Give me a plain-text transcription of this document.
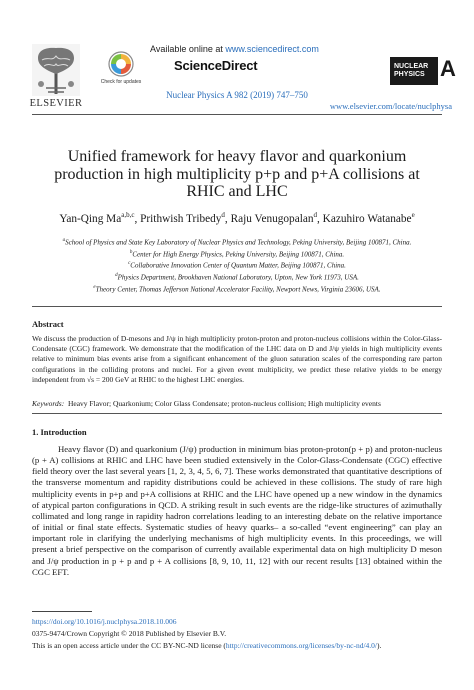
ELSEVIER
Check for updates
Available online at www.sciencedirect.com
ScienceDirect
Nuclear Physics A 982 (2019) 747–750
NUCLEAR
PHYSICS A
www.elsevier.com/locate/nuclphysa
Unified framework for heavy flavor and quarkonium
production in high multiplicity p+p and p+A collisions at
RHIC and LHC
Yan-Qing Ma$^{a,b,c}$, Prithwish Tribedy$^d$, Raju Venugopalan$^d$, Kazuhiro Watanabe$^e$
$^a$School of Physics and State Key Laboratory of Nuclear Physics and Technology, Peking University, Beijing 100871, China.
$^b$Center for High Energy Physics, Peking University, Beijing 100871, China.
$^c$Collaborative Innovation Center of Quantum Matter, Beijing 100871, China.
$^d$Physics Department, Brookhaven National Laboratory, Upton, New York 11973, USA.
$^e$Theory Center, Thomas Jefferson National Accelerator Facility, Newport News, Virginia 23606, USA.
Abstract
We discuss the production of D-mesons and J/ψ in high multiplicity proton-proton and proton-nucleus collisions within the Color-Glass-Condensate (CGC) framework. We demonstrate that the modification of the LHC data on D and J/ψ yields in high multiplicity events relative to minimum bias events arise from a significant enhancement of the gluon saturation scales of the corresponding rare parton configurations in the colliding protons and nuclei. For a given event multiplicity, we predict these relative yields to be energy independent from √s = 200 GeV at RHIC to the highest LHC energies.
Keywords: Heavy Flavor; Quarkonium; Color Glass Condensate; proton-nucleus collision; High multiplicity events
1. Introduction
Heavy flavor (D) and quarkonium (J/ψ) production in minimum bias proton-proton(p + p) and proton-nucleus (p + A) collisions at RHIC and LHC have been studied extensively in the Color-Glass-Condensate (CGC) effective field theory over the last several years [1, 2, 3, 4, 5, 6, 7]. These works demonstrated that quantitative descriptions of the transverse momentum and rapidity distributions could be achieved in these collisions. The study of rare high multiplicity events in p+p and p+A collisions at RHIC and the LHC have opened up a new window in the dynamics of atypical parton configurations in QCD. A striking result in such events are the ridge-like structures of azimuthally collimated and long range in rapidity hadron correlations leading to an interesting debate on the relative importance of initial or final state effects. Systematic studies of heavy quarks– a so-called “event engineering” can play an important role in clarifying the underlying mechanisms of high multiplicity events. In this proceedings, we will present a brief perspective on the comparison of currently available experimental data on high multiplicity D meson and J/ψ production in p + p and p + A collisions [8, 9, 10, 11, 12] with our recent results [13] obtained within the CGC EFT.
https://doi.org/10.1016/j.nuclphysa.2018.10.006
0375-9474/Crown Copyright © 2018 Published by Elsevier B.V.
This is an open access article under the CC BY-NC-ND license (http://creativecommons.org/licenses/by-nc-nd/4.0/).
